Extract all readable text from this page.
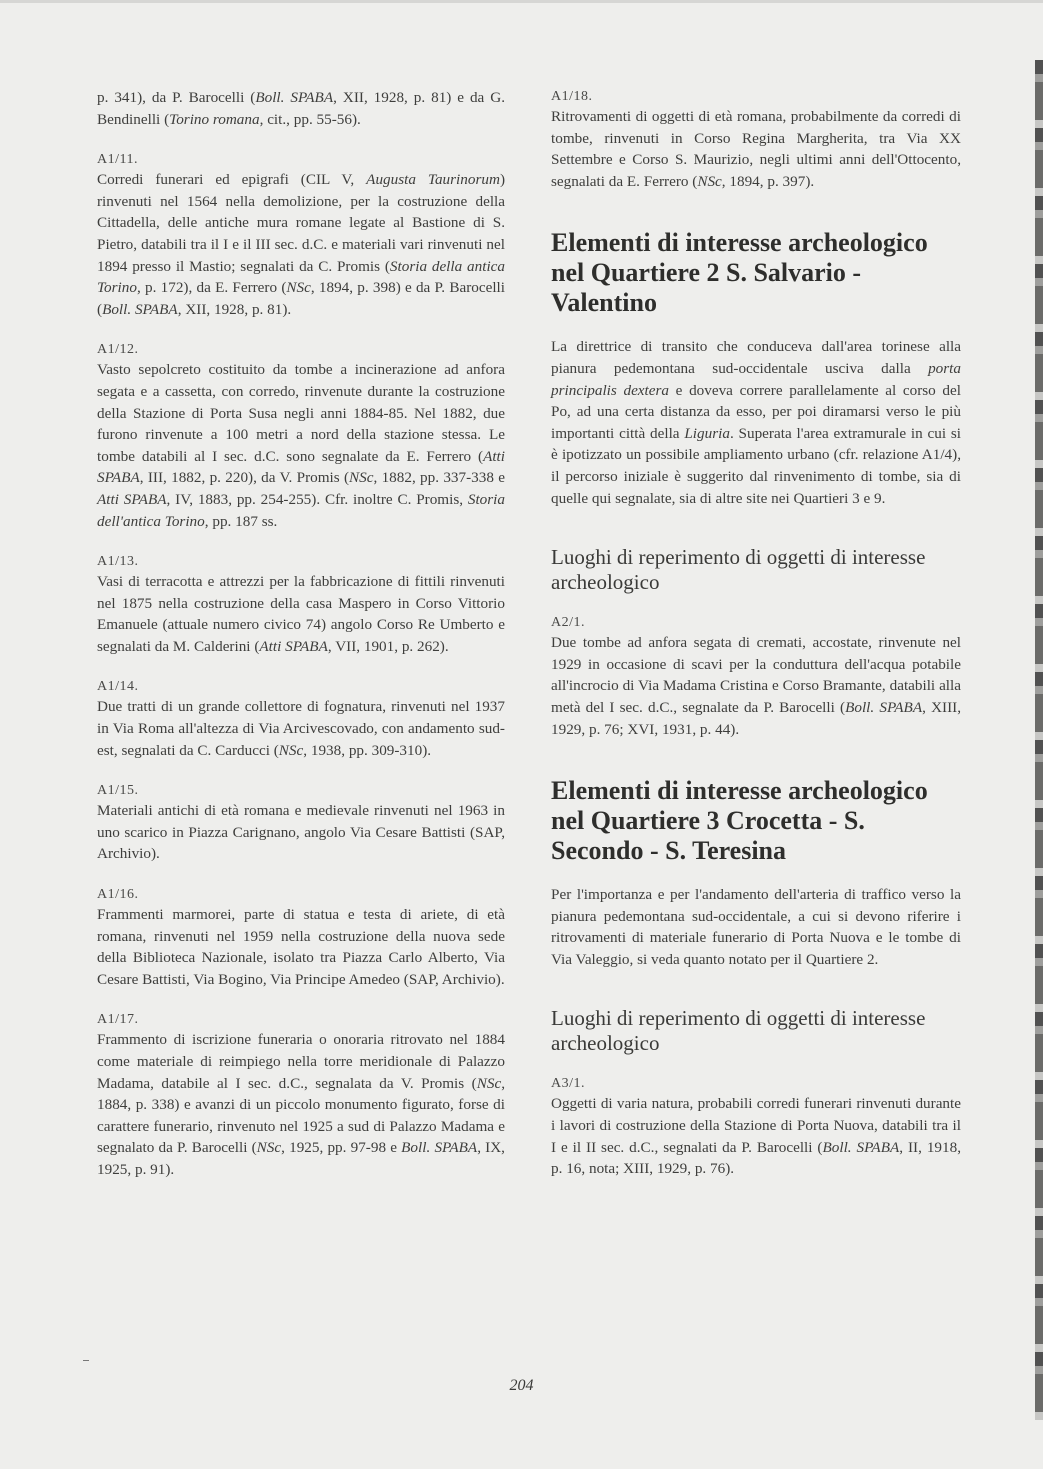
p. 341), da P. Barocelli (Boll. SPABA, XII, 1928, p. 81) e da G. Bendinelli (Torino romana, cit., pp. 55-56).
A1/11.
Corredi funerari ed epigrafi (CIL V, Augusta Taurinorum) rinvenuti nel 1564 nella demolizione, per la costruzione della Cittadella, delle antiche mura romane legate al Bastione di S. Pietro, databili tra il I e il III sec. d.C. e materiali vari rinvenuti nel 1894 presso il Mastio; segnalati da C. Promis (Storia della antica Torino, p. 172), da E. Ferrero (NSc, 1894, p. 398) e da P. Barocelli (Boll. SPABA, XII, 1928, p. 81).
A1/12.
Vasto sepolcreto costituito da tombe a incinerazione ad anfora segata e a cassetta, con corredo, rinvenute durante la costruzione della Stazione di Porta Susa negli anni 1884-85. Nel 1882, due furono rinvenute a 100 metri a nord della stazione stessa. Le tombe databili al I sec. d.C. sono segnalate da E. Ferrero (Atti SPABA, III, 1882, p. 220), da V. Promis (NSc, 1882, pp. 337-338 e Atti SPABA, IV, 1883, pp. 254-255). Cfr. inoltre C. Promis, Storia dell'antica Torino, pp. 187 ss.
A1/13.
Vasi di terracotta e attrezzi per la fabbricazione di fittili rinvenuti nel 1875 nella costruzione della casa Maspero in Corso Vittorio Emanuele (attuale numero civico 74) angolo Corso Re Umberto e segnalati da M. Calderini (Atti SPABA, VII, 1901, p. 262).
A1/14.
Due tratti di un grande collettore di fognatura, rinvenuti nel 1937 in Via Roma all'altezza di Via Arcivescovado, con andamento sud-est, segnalati da C. Carducci (NSc, 1938, pp. 309-310).
A1/15.
Materiali antichi di età romana e medievale rinvenuti nel 1963 in uno scarico in Piazza Carignano, angolo Via Cesare Battisti (SAP, Archivio).
A1/16.
Frammenti marmorei, parte di statua e testa di ariete, di età romana, rinvenuti nel 1959 nella costruzione della nuova sede della Biblioteca Nazionale, isolato tra Piazza Carlo Alberto, Via Cesare Battisti, Via Bogino, Via Principe Amedeo (SAP, Archivio).
A1/17.
Frammento di iscrizione funeraria o onoraria ritrovato nel 1884 come materiale di reimpiego nella torre meridionale di Palazzo Madama, databile al I sec. d.C., segnalata da V. Promis (NSc, 1884, p. 338) e avanzi di un piccolo monumento figurato, forse di carattere funerario, rinvenuto nel 1925 a sud di Palazzo Madama e segnalato da P. Barocelli (NSc, 1925, pp. 97-98 e Boll. SPABA, IX, 1925, p. 91).
A1/18.
Ritrovamenti di oggetti di età romana, probabilmente da corredi di tombe, rinvenuti in Corso Regina Margherita, tra Via XX Settembre e Corso S. Maurizio, negli ultimi anni dell'Ottocento, segnalati da E. Ferrero (NSc, 1894, p. 397).
Elementi di interesse archeologico nel Quartiere 2 S. Salvario - Valentino
La direttrice di transito che conduceva dall'area torinese alla pianura pedemontana sud-occidentale usciva dalla porta principalis dextera e doveva correre parallelamente al corso del Po, ad una certa distanza da esso, per poi diramarsi verso le più importanti città della Liguria. Superata l'area extramurale in cui si è ipotizzato un possibile ampliamento urbano (cfr. relazione A1/4), il percorso iniziale è suggerito dal rinvenimento di tombe, sia di quelle qui segnalate, sia di altre site nei Quartieri 3 e 9.
Luoghi di reperimento di oggetti di interesse archeologico
A2/1.
Due tombe ad anfora segata di cremati, accostate, rinvenute nel 1929 in occasione di scavi per la conduttura dell'acqua potabile all'incrocio di Via Madama Cristina e Corso Bramante, databili alla metà del I sec. d.C., segnalate da P. Barocelli (Boll. SPABA, XIII, 1929, p. 76; XVI, 1931, p. 44).
Elementi di interesse archeologico nel Quartiere 3 Crocetta - S. Secondo - S. Teresina
Per l'importanza e per l'andamento dell'arteria di traffico verso la pianura pedemontana sud-occidentale, a cui si devono riferire i ritrovamenti di materiale funerario di Porta Nuova e le tombe di Via Valeggio, si veda quanto notato per il Quartiere 2.
Luoghi di reperimento di oggetti di interesse archeologico
A3/1.
Oggetti di varia natura, probabili corredi funerari rinvenuti durante i lavori di costruzione della Stazione di Porta Nuova, databili tra il I e il II sec. d.C., segnalati da P. Barocelli (Boll. SPABA, II, 1918, p. 16, nota; XIII, 1929, p. 76).
204
